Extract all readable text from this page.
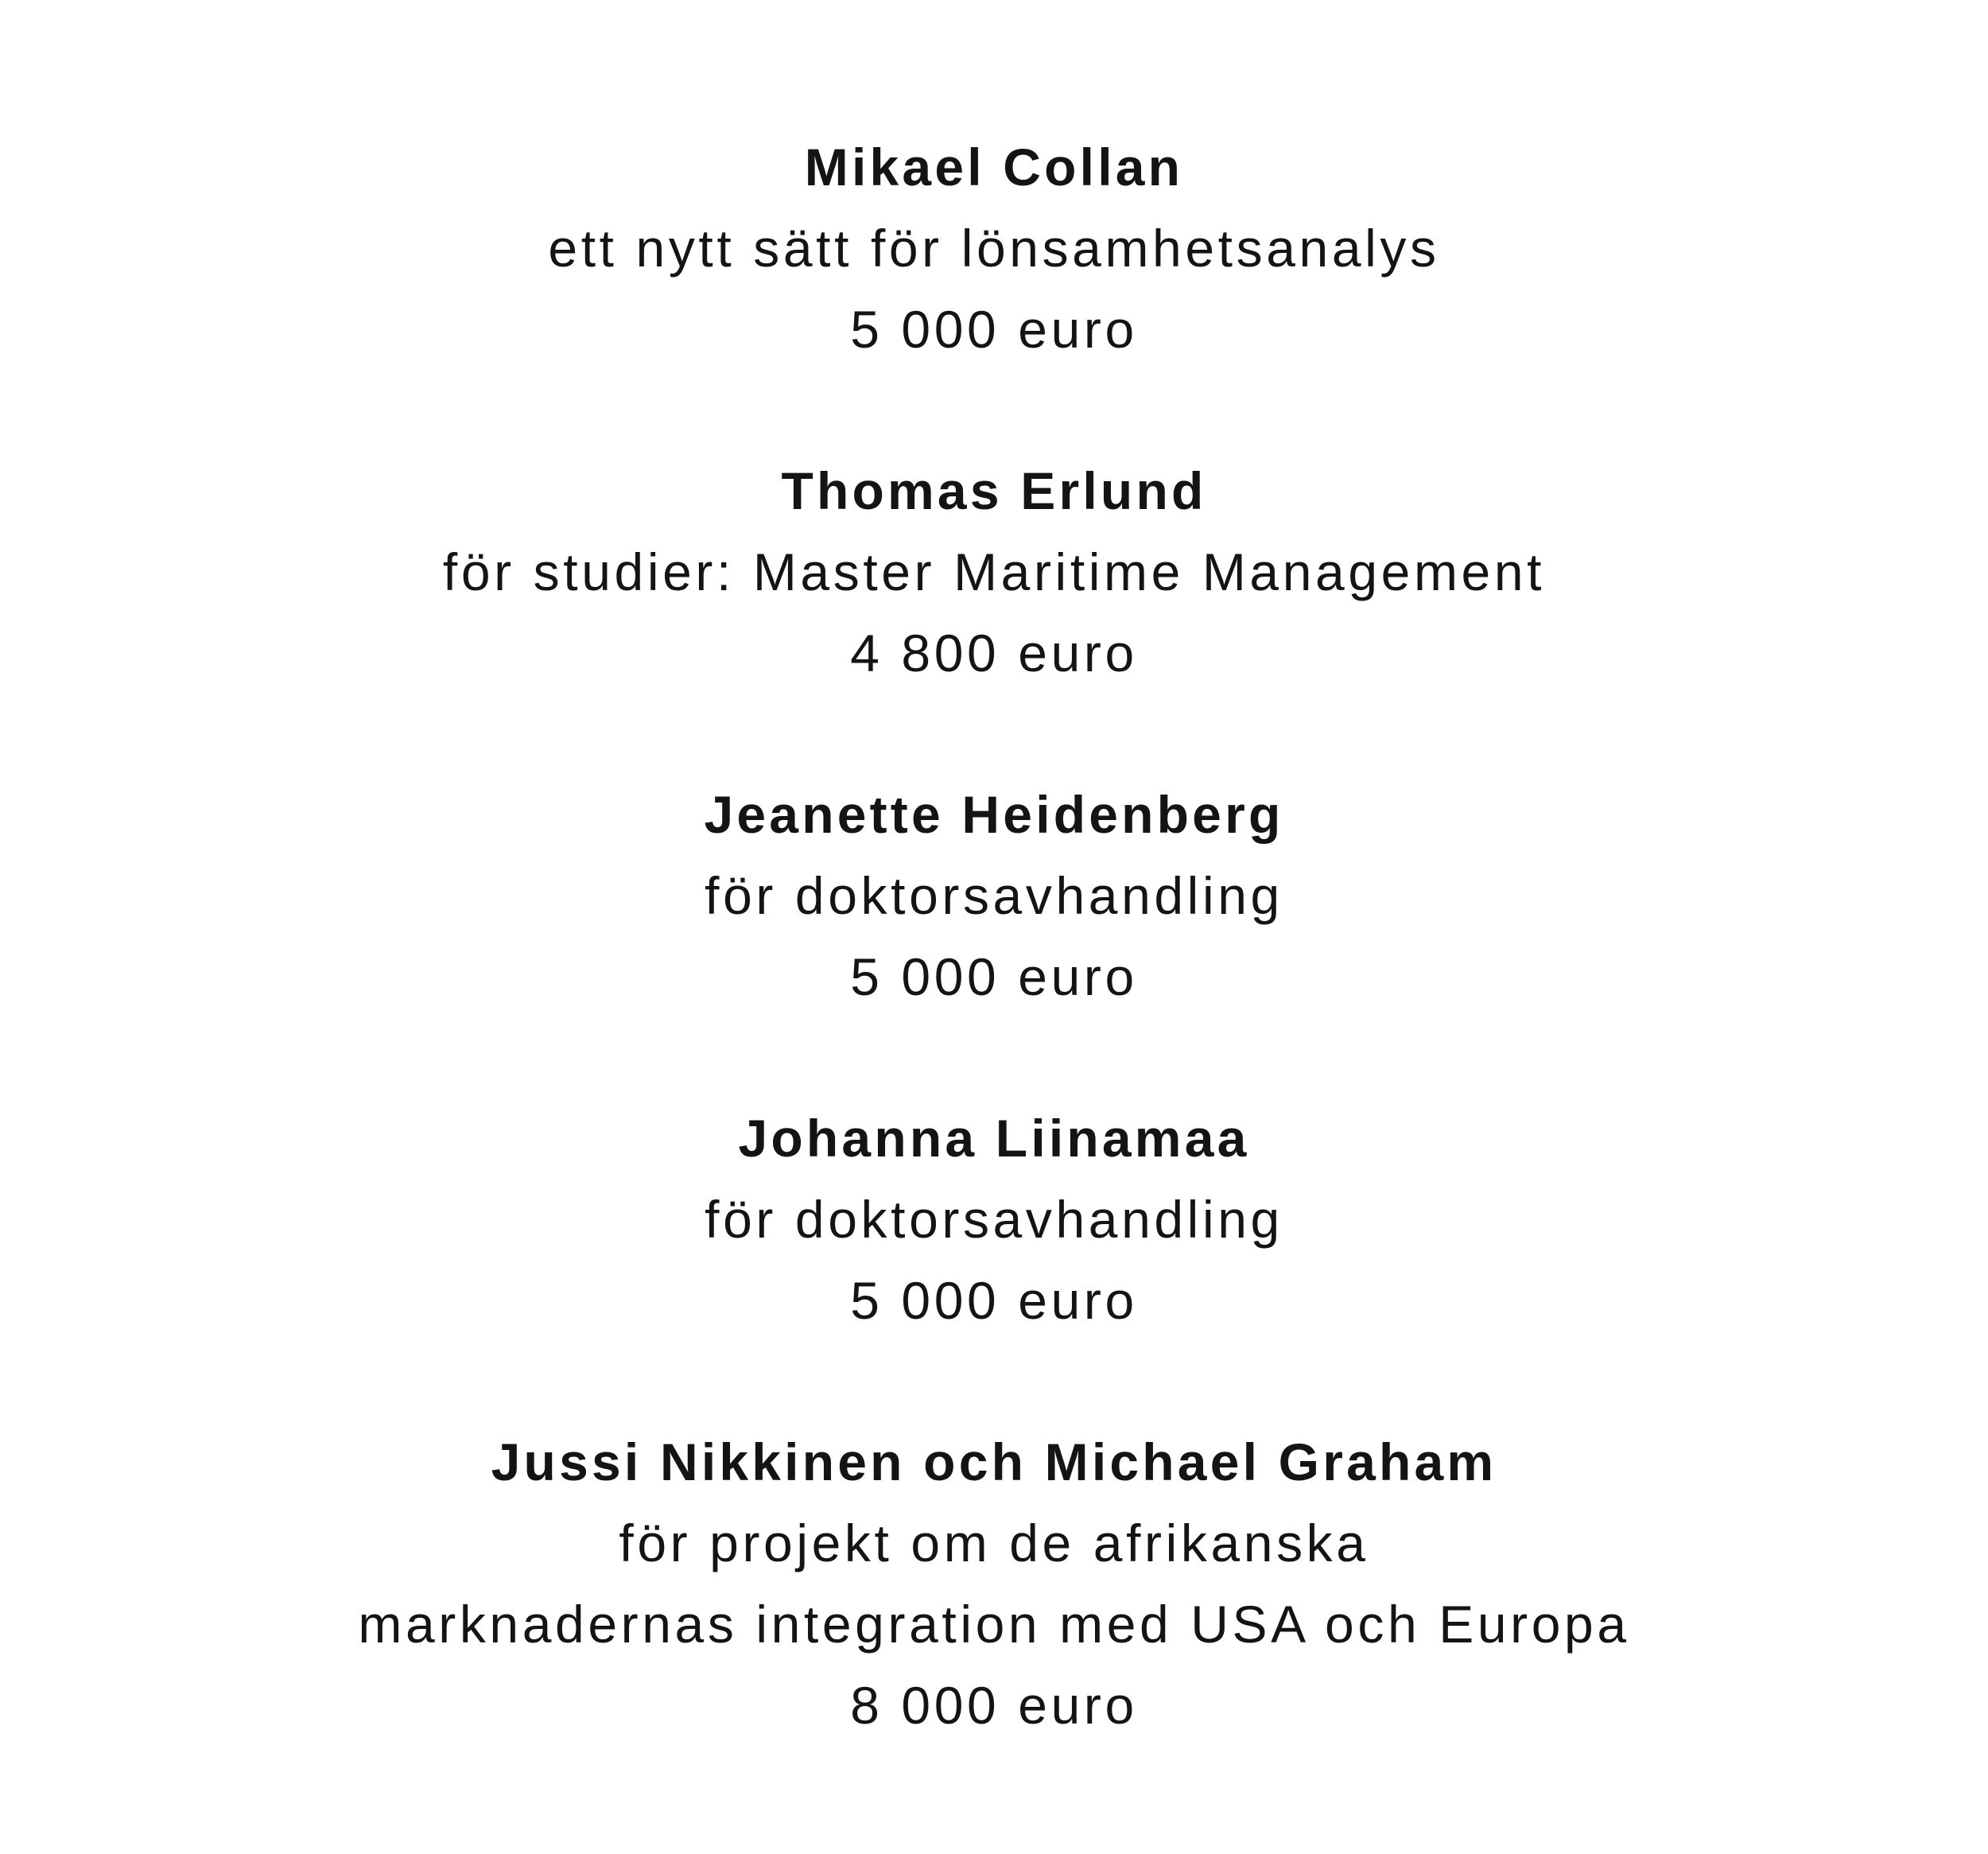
Mikael Collan
ett nytt sätt för lönsamhetsanalys
5 000 euro
Thomas Erlund
för studier: Master Maritime Management
4 800 euro
Jeanette Heidenberg
för doktorsavhandling
5 000 euro
Johanna Liinamaa
för doktorsavhandling
5 000 euro
Jussi Nikkinen och Michael Graham
för projekt om de afrikanska
marknadernas integration med USA och Europa
8 000 euro
